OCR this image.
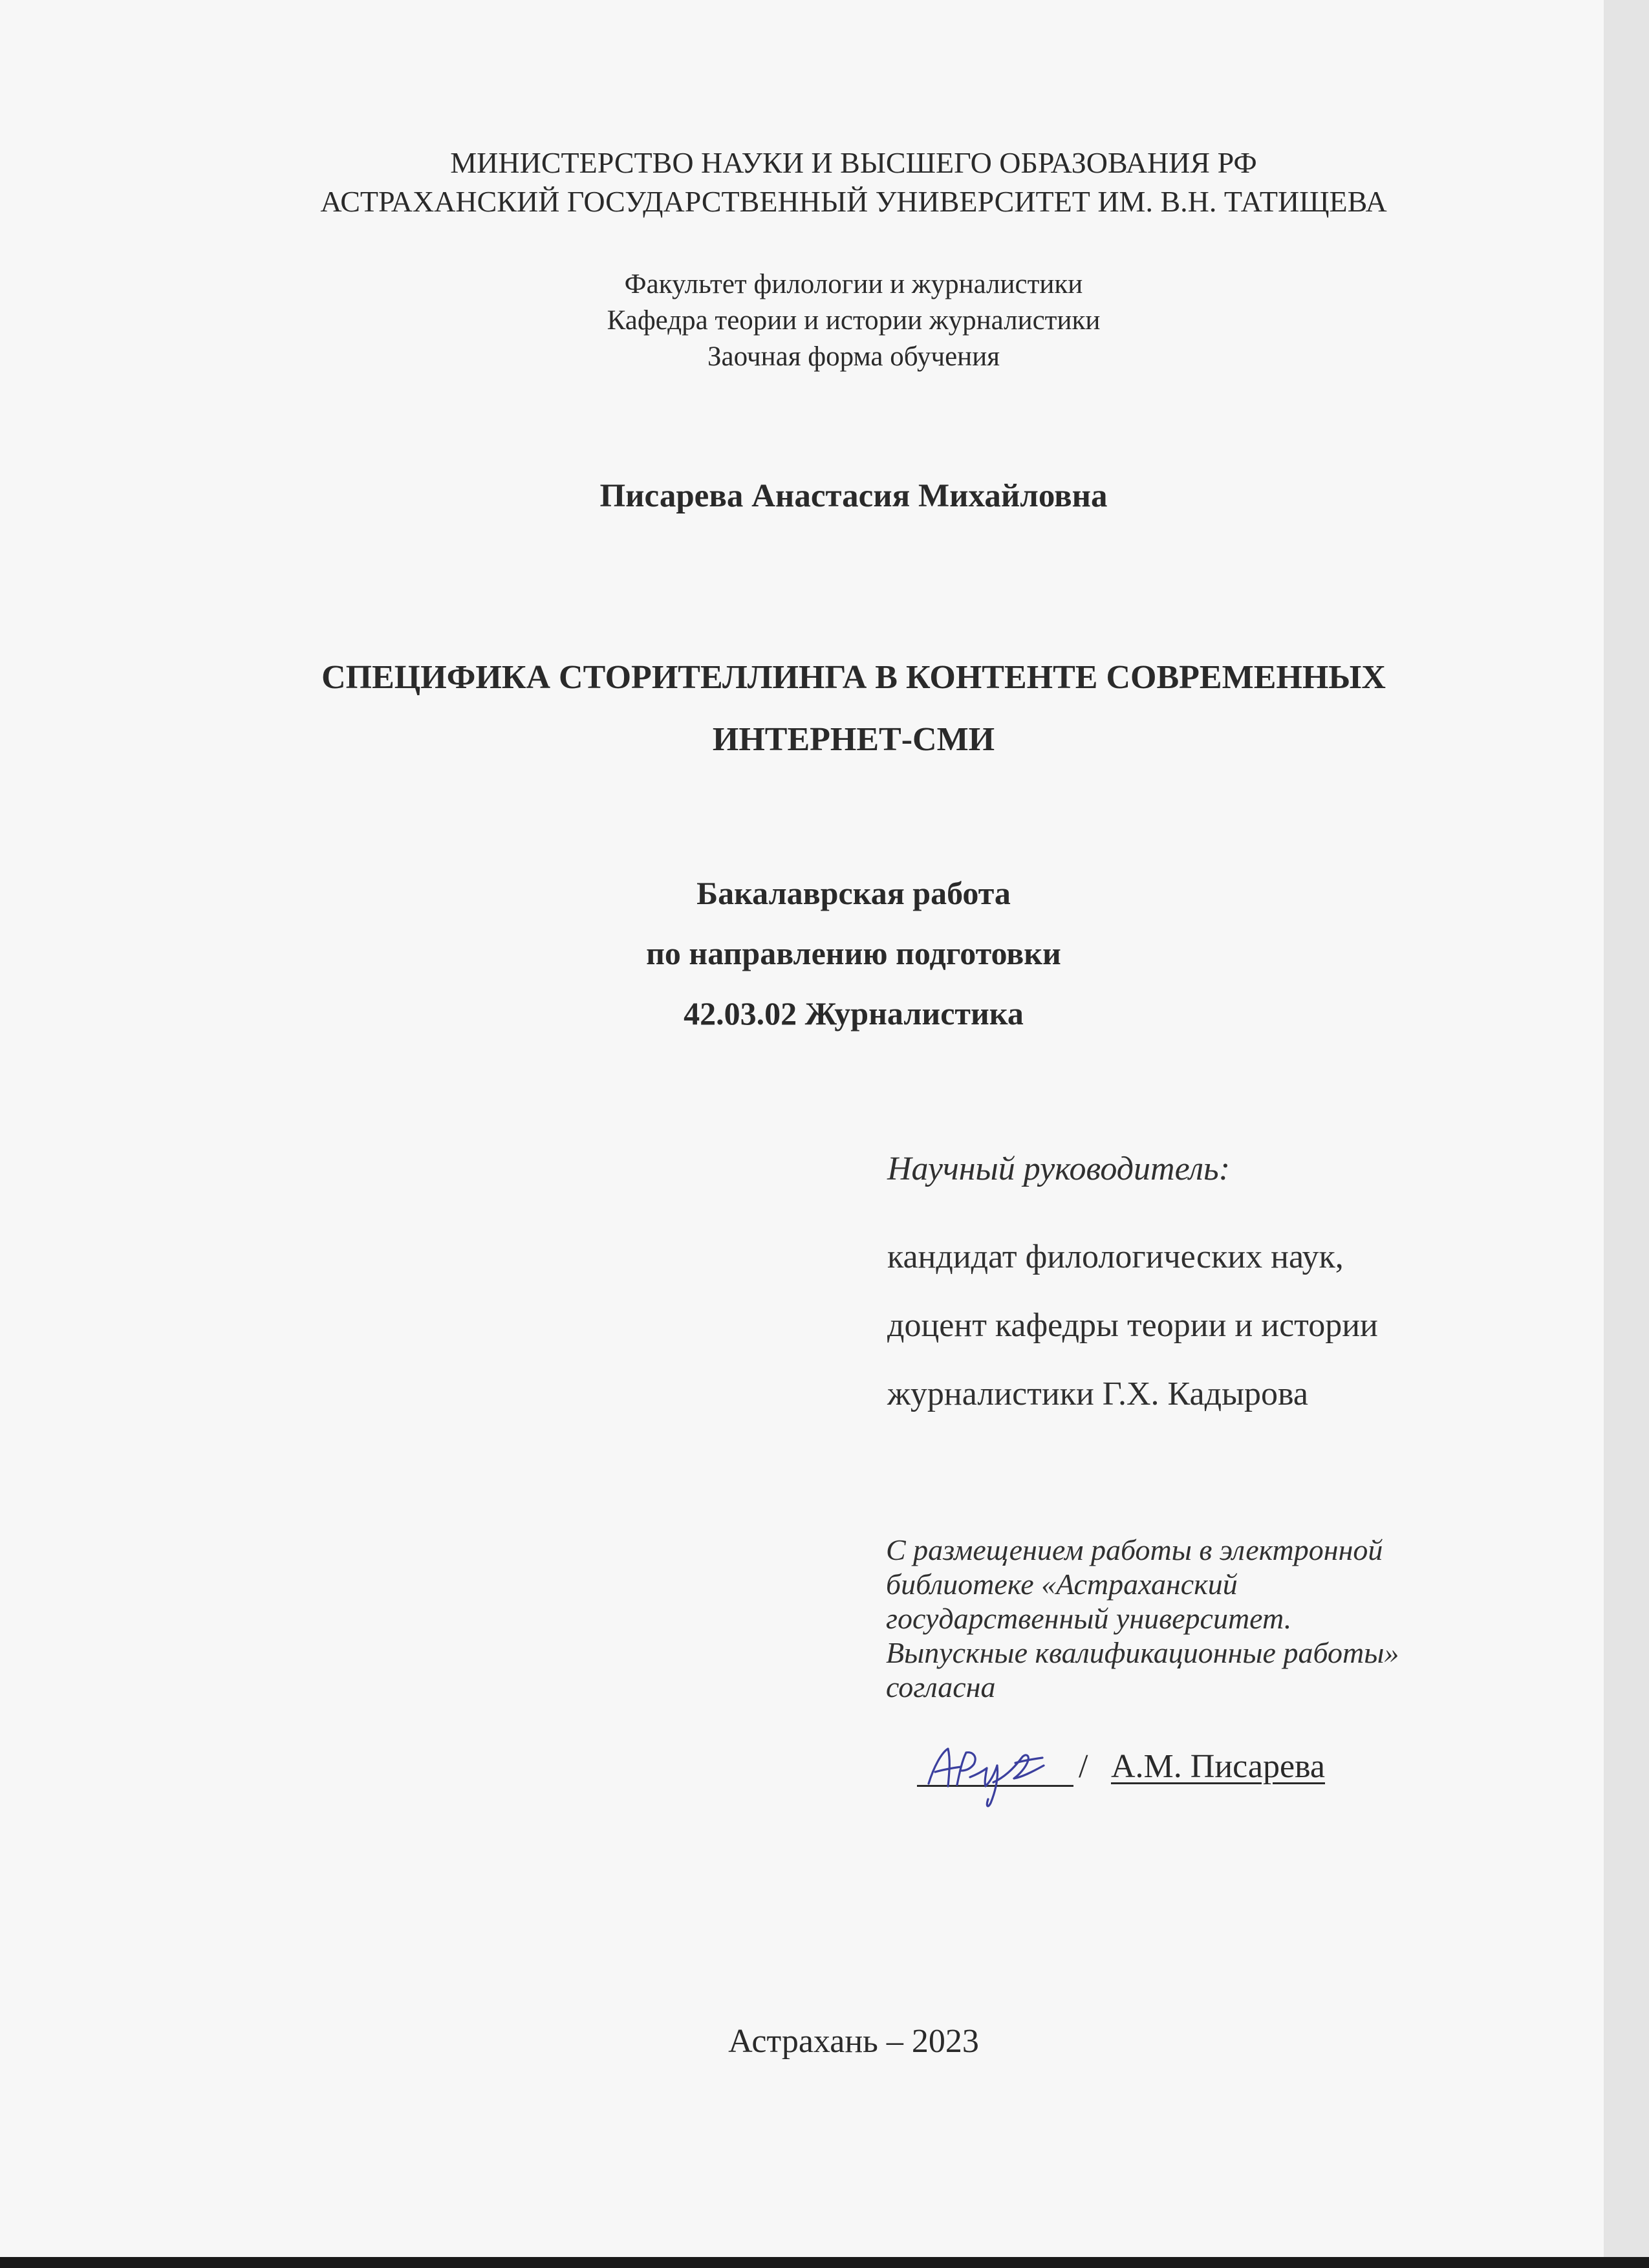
МИНИСТЕРСТВО НАУКИ И ВЫСШЕГО ОБРАЗОВАНИЯ РФ
АСТРАХАНСКИЙ ГОСУДАРСТВЕННЫЙ УНИВЕРСИТЕТ ИМ. В.Н. ТАТИЩЕВА
Факультет филологии и журналистики
Кафедра теории и истории журналистики
Заочная форма обучения
Писарева Анастасия Михайловна
СПЕЦИФИКА СТОРИТЕЛЛИНГА В КОНТЕНТЕ СОВРЕМЕННЫХ
ИНТЕРНЕТ-СМИ
Бакалаврская работа
по направлению подготовки
42.03.02 Журналистика
Научный руководитель:
кандидат филологических наук,
доцент кафедры теории и истории
журналистики Г.Х. Кадырова
С размещением работы в электронной
библиотеке «Астраханский
государственный университет.
Выпускные квалификационные работы»
согласна
/ А.М. Писарева
Астрахань – 2023
